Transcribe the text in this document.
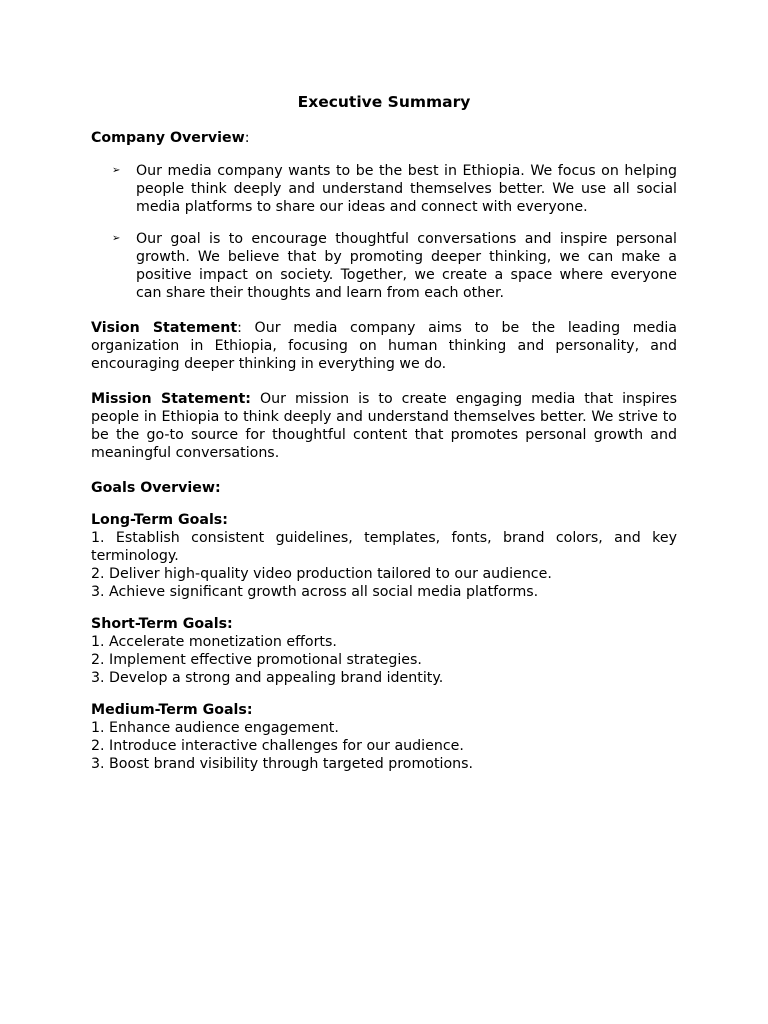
Executive Summary

Company Overview:

➢ Our media company wants to be the best in Ethiopia. We focus on helping people think deeply and understand themselves better. We use all social media platforms to share our ideas and connect with everyone.
➢ Our goal is to encourage thoughtful conversations and inspire personal growth. We believe that by promoting deeper thinking, we can make a positive impact on society. Together, we create a space where everyone can share their thoughts and learn from each other.

Vision Statement: Our media company aims to be the leading media organization in Ethiopia, focusing on human thinking and personality, and encouraging deeper thinking in everything we do.

Mission Statement: Our mission is to create engaging media that inspires people in Ethiopia to think deeply and understand themselves better. We strive to be the go-to source for thoughtful content that promotes personal growth and meaningful conversations.

Goals Overview:

Long-Term Goals:

1. Establish consistent guidelines, templates, fonts, brand colors, and key terminology.
2. Deliver high-quality video production tailored to our audience.
3. Achieve significant growth across all social media platforms.

Short-Term Goals:

1. Accelerate monetization efforts.
2. Implement effective promotional strategies.
3. Develop a strong and appealing brand identity.

Medium-Term Goals:

1. Enhance audience engagement.
2. Introduce interactive challenges for our audience.
3. Boost brand visibility through targeted promotions.
